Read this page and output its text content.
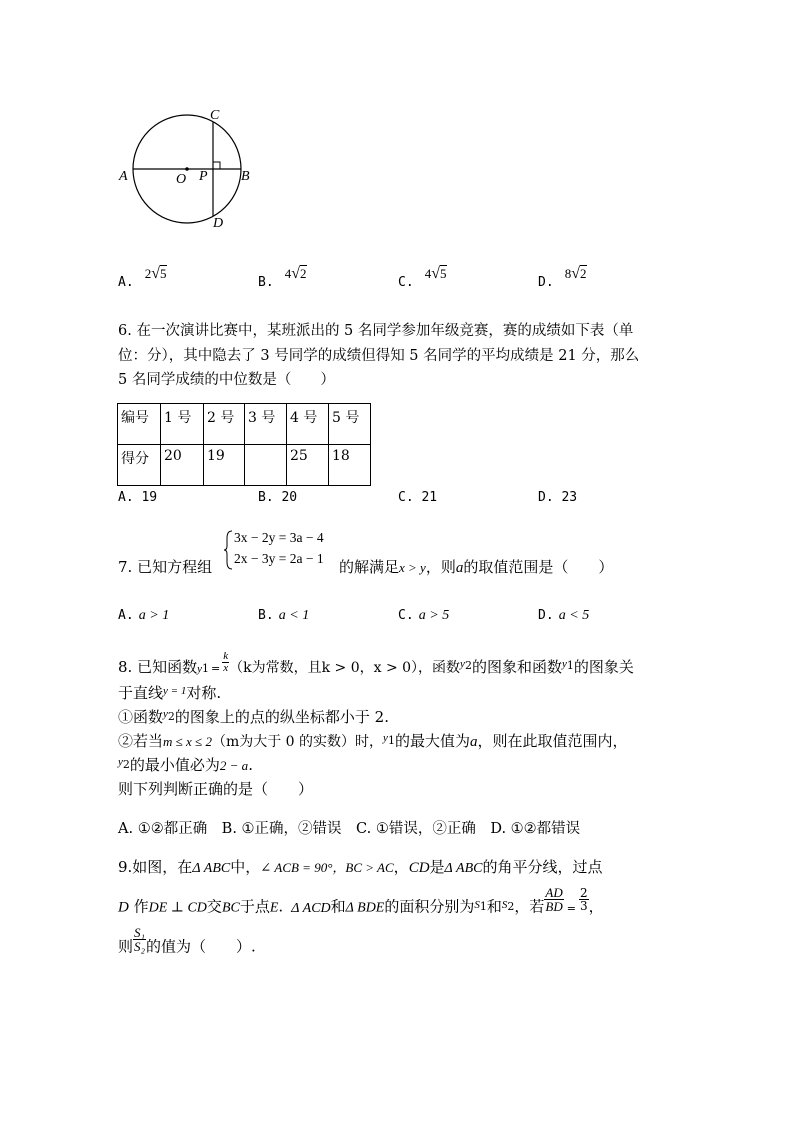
C
A	O P B
D
A. $^2$√$^5$
B. $^4$√$^2$
C. $^4$√$^5$
D. $^8$√$^2$
6. 在一次演讲比赛中，某班派出的 5 名同学参加年级竞赛，赛的成绩如下表（单
位：分），其中隐去了 3 号同学的成绩但得知 5 名同学的平均成绩是 21 分，那么
5 名同学成绩的中位数是（　　）
编号	1 号	2 号	3 号	4 号	5 号
得分	20	19		25	18
A. 19	B. 20	C. 21	D. 23
7. 已知方程组
3x − 2y = 3a − 4
2x − 3y = 2a − 1 的解满足x > y，则a的取值范围是（　　）
A. a > 1	B. a < 1	C. a > 5	D. a < 5
8. 已知函数$y1 = \frac{k}{x} (k$为常数，且k > 0，x > 0），函数$^{y2}$的图象和函数$^{y1}$的图象关
于直线$^{y = 1}$对称.
①函数$^y$2的图象上的点的纵坐标都小于 2.
②若当m ≤ x ≤ 2（m为大于 0 的实数）时，$^y$1的最大值为a，则在此取值范围内，
$^y$2的最小值必为2 − a.
则下列判断正确的是（　　）
A. ①②都正确　B. ①正确，②错误　C. ①错误，②正确　D. ①②都错误
9.如图，在Δ ABC中，∠ ACB = 90°，BC > AC，CD是Δ ABC的角平分线，过点
D 作DE ⊥ CD交BC于点E. Δ ACD和Δ BDE的面积分别为$^S$1和$^S$2，若 $\frac{AD}{BD} = \frac{2}{3}$ ，
则 $\frac{\text{S₁}}{\text{S₂}}$ 的值为（　　）.
